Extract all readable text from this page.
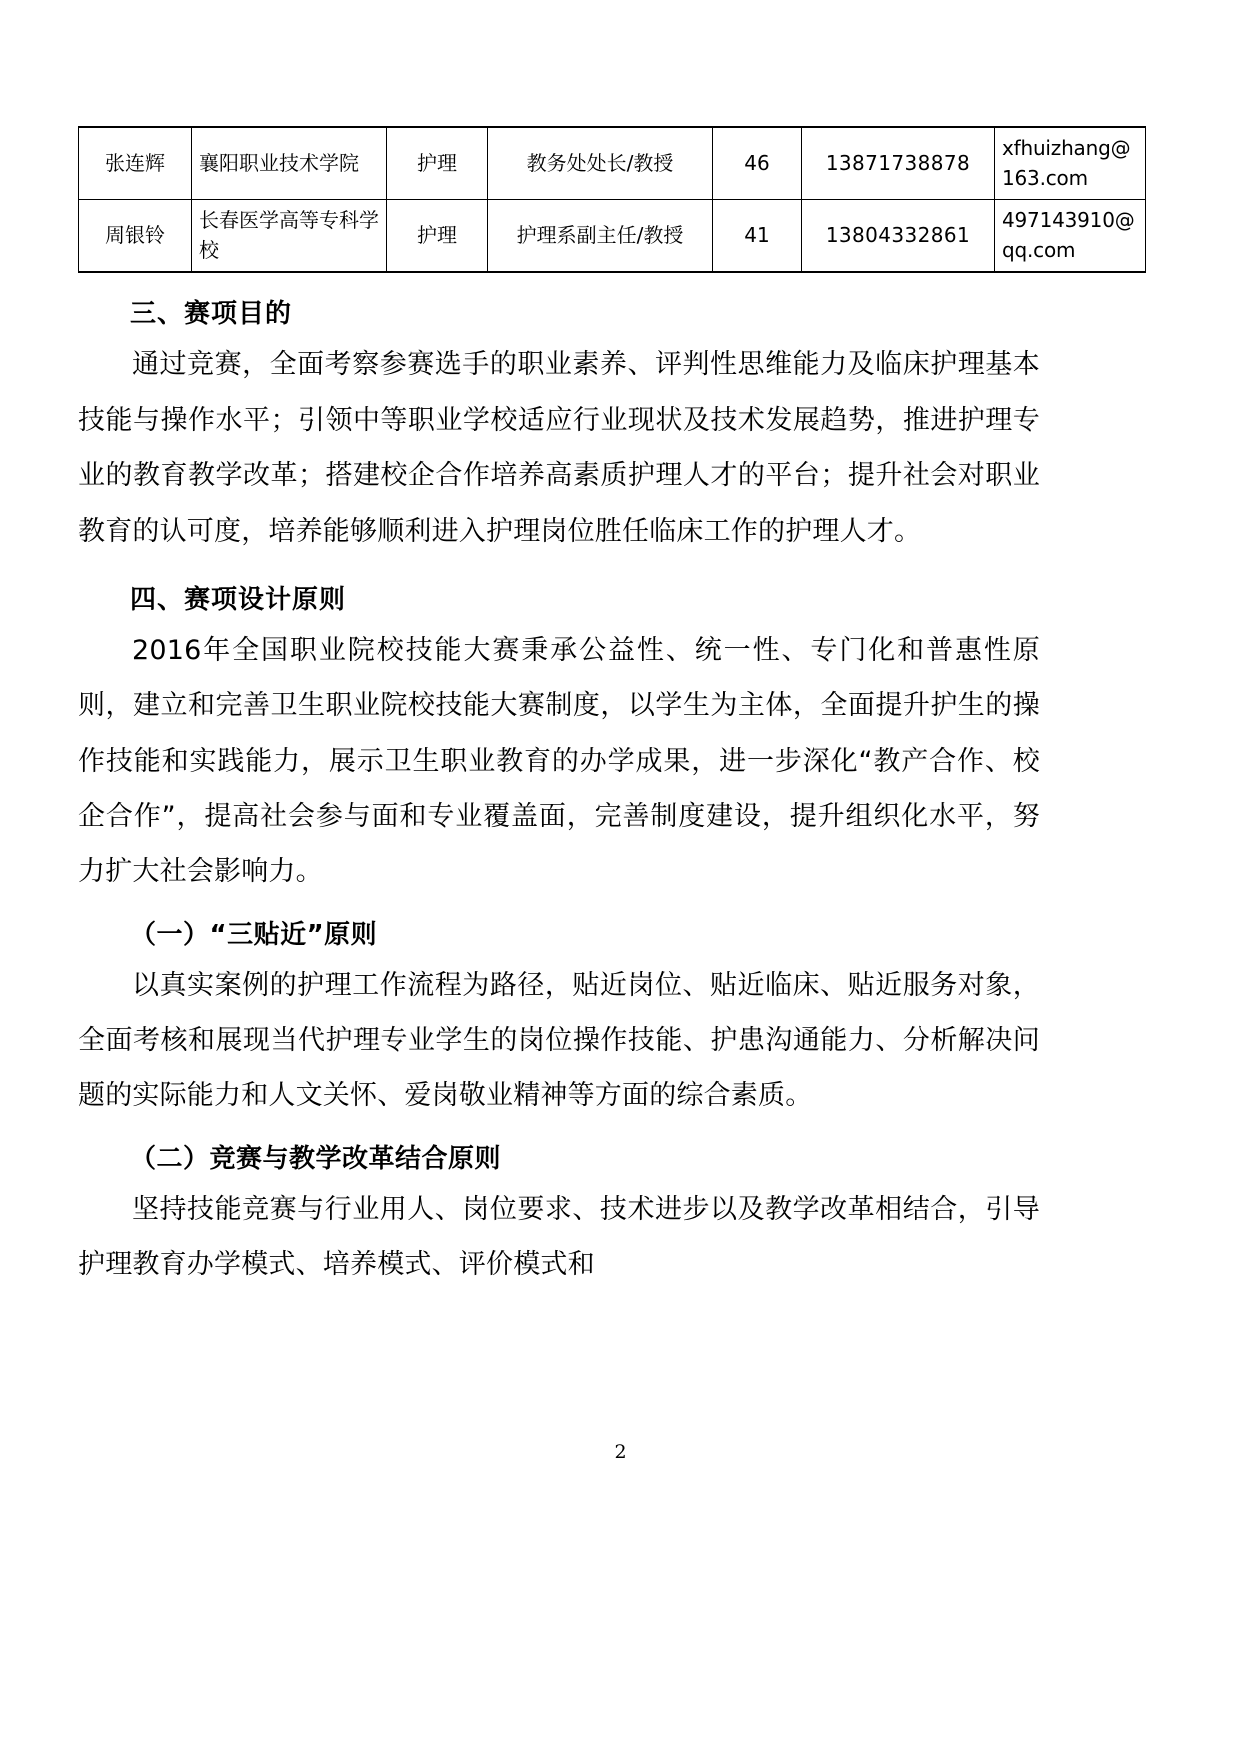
张连辉	襄阳职业技术学院	护理	教务处处长/教授	46	13871738878	xfhuizhang@163.com
周银铃	长春医学高等专科学校	护理	护理系副主任/教授	41	13804332861	497143910@qq.com
三、赛项目的

通过竞赛，全面考察参赛选手的职业素养、评判性思维能力及临床护理基本技能与操作水平；引领中等职业学校适应行业现状及技术发展趋势，推进护理专业的教育教学改革；搭建校企合作培养高素质护理人才的平台；提升社会对职业教育的认可度，培养能够顺利进入护理岗位胜任临床工作的护理人才。

四、赛项设计原则

2016年全国职业院校技能大赛秉承公益性、统一性、专门化和普惠性原则，建立和完善卫生职业院校技能大赛制度，以学生为主体，全面提升护生的操作技能和实践能力，展示卫生职业教育的办学成果，进一步深化“教产合作、校企合作”，提高社会参与面和专业覆盖面，完善制度建设，提升组织化水平，努力扩大社会影响力。

（一）“三贴近”原则

以真实案例的护理工作流程为路径，贴近岗位、贴近临床、贴近服务对象，全面考核和展现当代护理专业学生的岗位操作技能、护患沟通能力、分析解决问题的实际能力和人文关怀、爱岗敬业精神等方面的综合素质。

（二）竞赛与教学改革结合原则

坚持技能竞赛与行业用人、岗位要求、技术进步以及教学改革相结合，引导护理教育办学模式、培养模式、评价模式和

2
